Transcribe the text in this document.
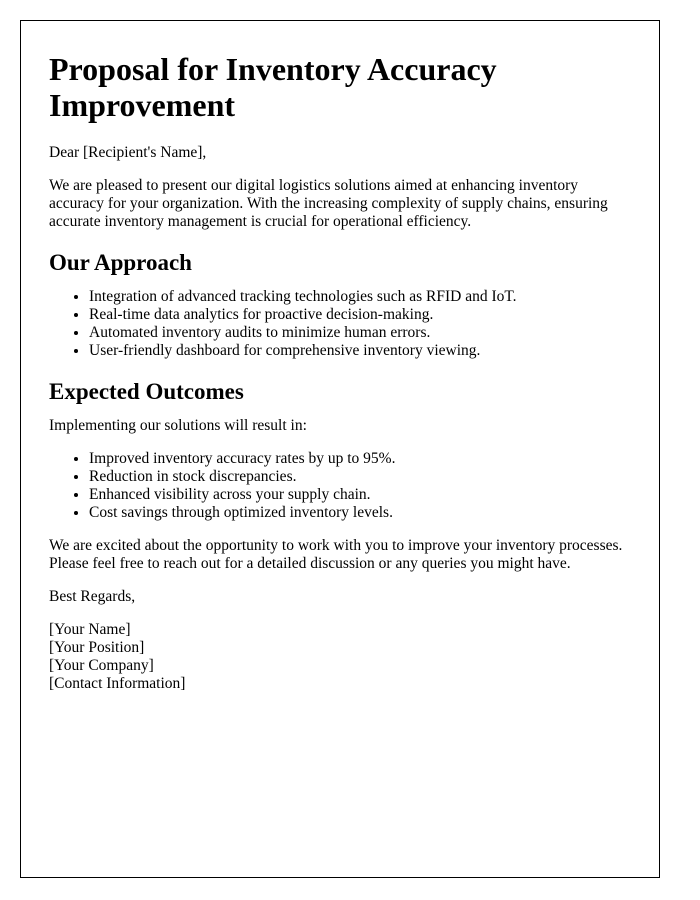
Proposal for Inventory Accuracy Improvement

Dear [Recipient's Name],

We are pleased to present our digital logistics solutions aimed at enhancing inventory accuracy for your organization. With the increasing complexity of supply chains, ensuring accurate inventory management is crucial for operational efficiency.

Our Approach
• Integration of advanced tracking technologies such as RFID and IoT.
• Real-time data analytics for proactive decision-making.
• Automated inventory audits to minimize human errors.
• User-friendly dashboard for comprehensive inventory viewing.
Expected Outcomes

Implementing our solutions will result in:

• Improved inventory accuracy rates by up to 95%.
• Reduction in stock discrepancies.
• Enhanced visibility across your supply chain.
• Cost savings through optimized inventory levels.

We are excited about the opportunity to work with you to improve your inventory processes. Please feel free to reach out for a detailed discussion or any queries you might have.

Best Regards,

[Your Name]
[Your Position]
[Your Company]
[Contact Information]
